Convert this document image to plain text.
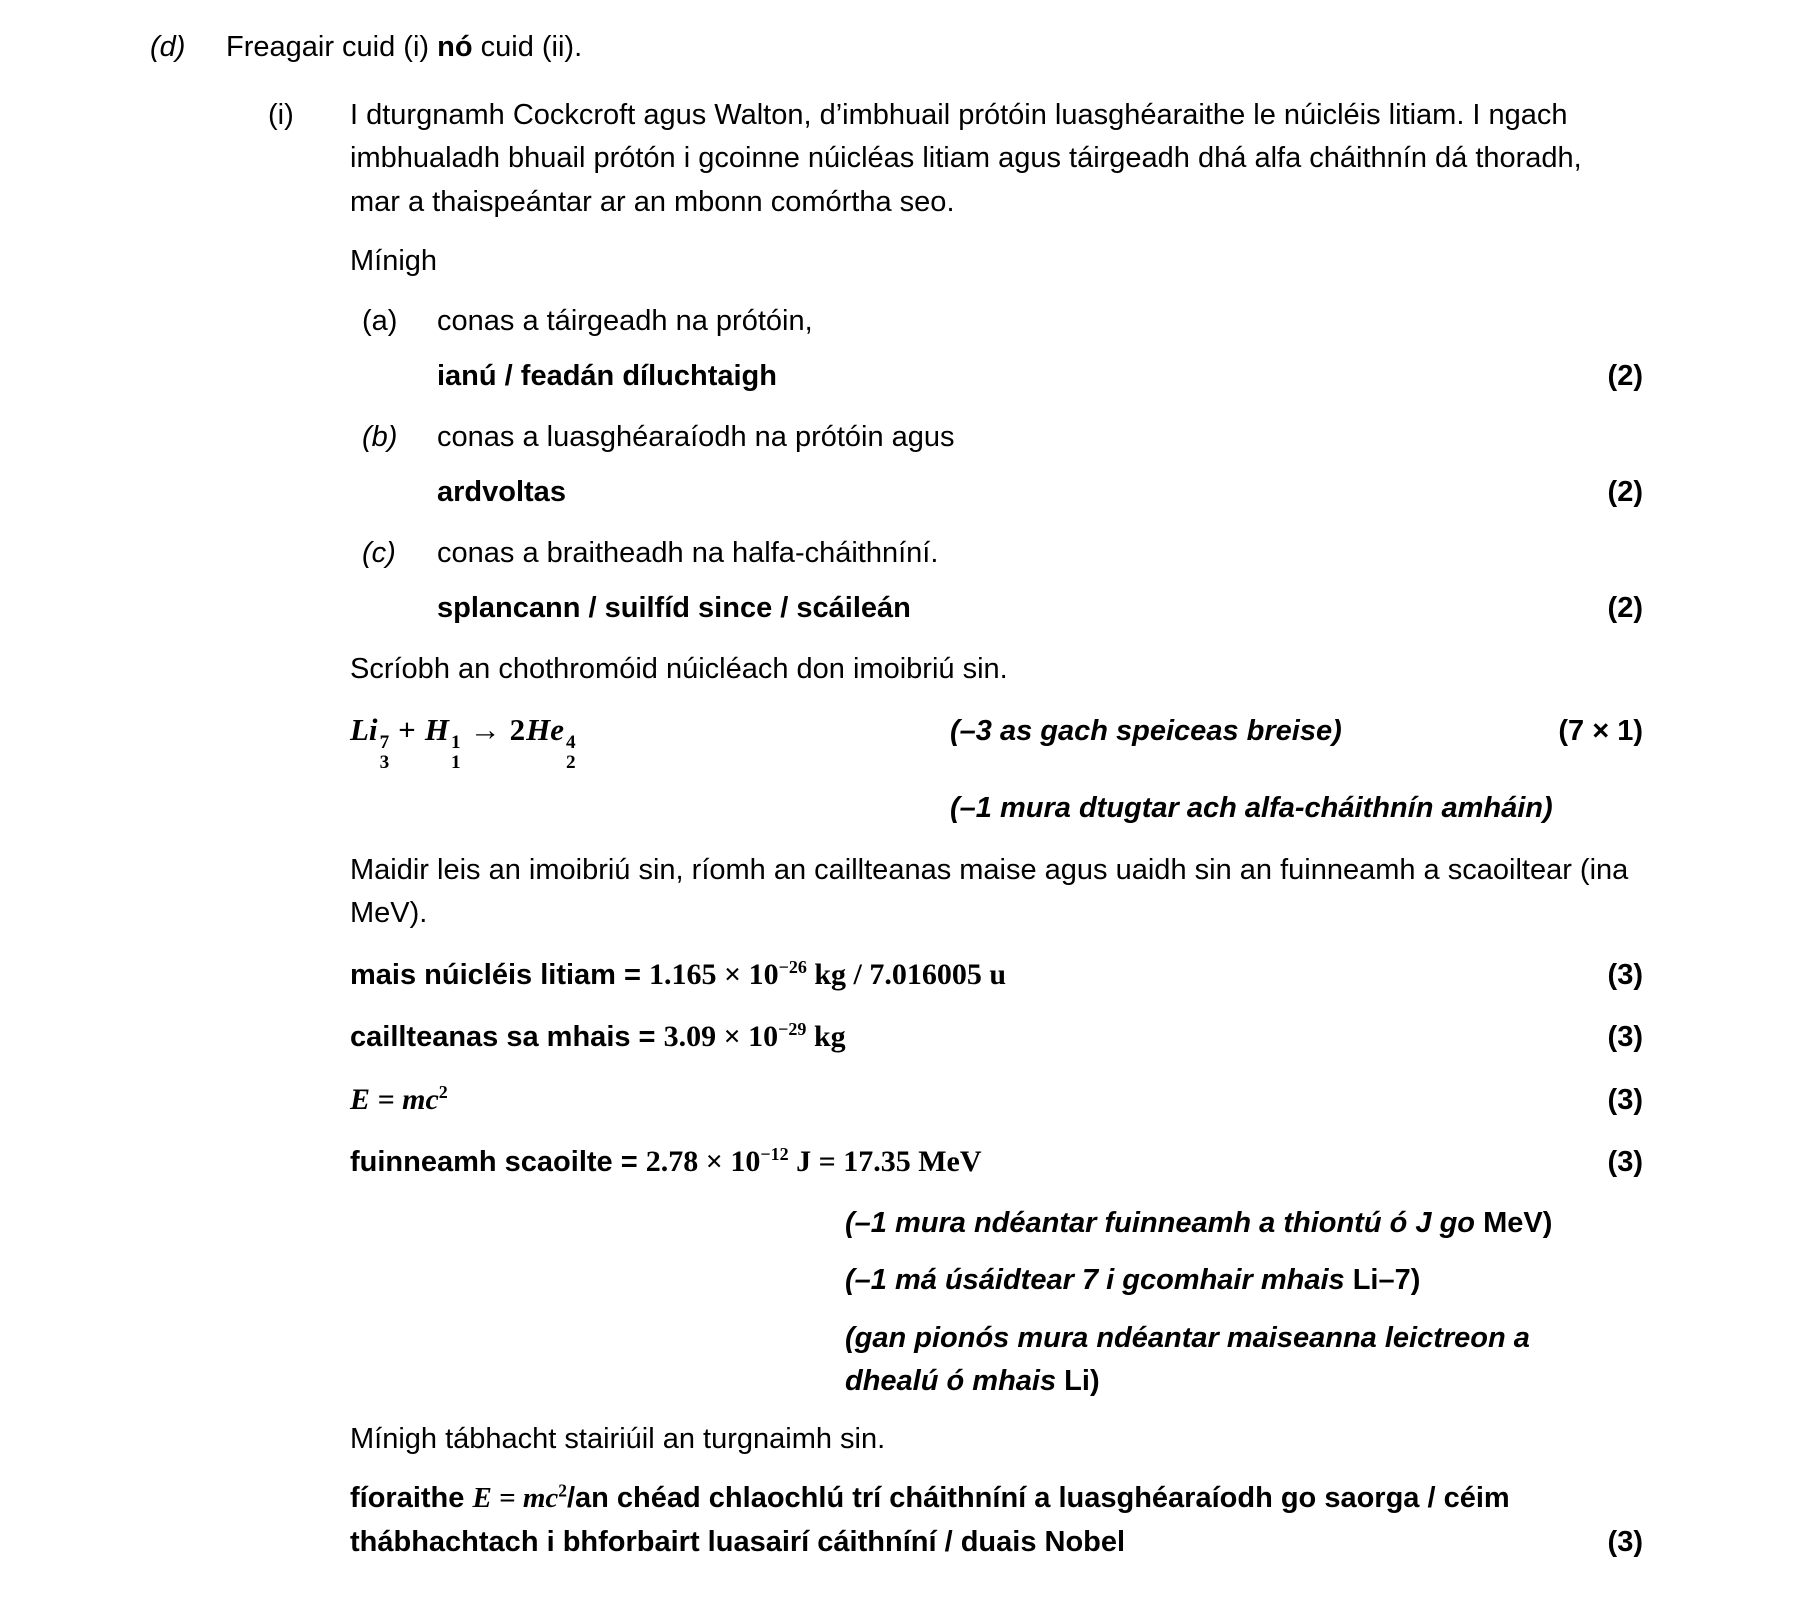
(d)	Freagair cuid (i) nó cuid (ii).
(i)	I dturgnamh Cockcroft agus Walton, d’imbhuail prótóin luasghéaraithe le núicléis litiam. I ngach imbhualadh bhuail prótón i gcoinne núicléas litiam agus táirgeadh dhá alfa cháithnín dá thoradh, mar a thaispeántar ar an mbonn comórtha seo.

Mínigh

(a)	conas a táirgeadh na prótóin,
ianú / feadán díluchtaigh	(2)
(b)	conas a luasghéaraíodh na prótóin agus
ardvoltas	(2)
(c)	conas a braitheadh na halfa-cháithníní.
splancann / suilfíd since / scáileán	(2)

Scríobh an chothromóid núicléach don imoibriú sin.

Li 7
3
+ H 1
1
→ 2He 4
2
(–3 as gach speiceas breise)	(7 × 1)
(–1 mura dtugtar ach alfa-cháithnín amháin)

Maidir leis an imoibriú sin, ríomh an caillteanas maise agus uaidh sin an fuinneamh a scaoiltear (ina MeV).

mais núicléis litiam = $1.165 \times 10^{-26}$ kg / 7.016005 u	(3)
caillteanas sa mhais = $3.09 \times 10^{-29}$ kg	(3)
$E = mc^2$	(3)
fuinneamh scaoilte = $2.78 \times 10^{-12}$ J = 17.35 MeV	(3)

(–1 mura ndéantar fuinneamh a thiontú ó J go MeV)

(–1 má úsáidtear 7 i gcomhair mhais Li–7)

(gan pionós mura ndéantar maiseanna leictreon a dhealú ó mhais Li)

Mínigh tábhacht stairiúil an turgnaimh sin.

fíoraithe $E = mc^2/an$ chéad chlaochlú trí cháithníní a luasghéaraíodh go saorga / céim thábhachtach i bhforbairt luasairí cáithníní / duais Nobel	(3)
